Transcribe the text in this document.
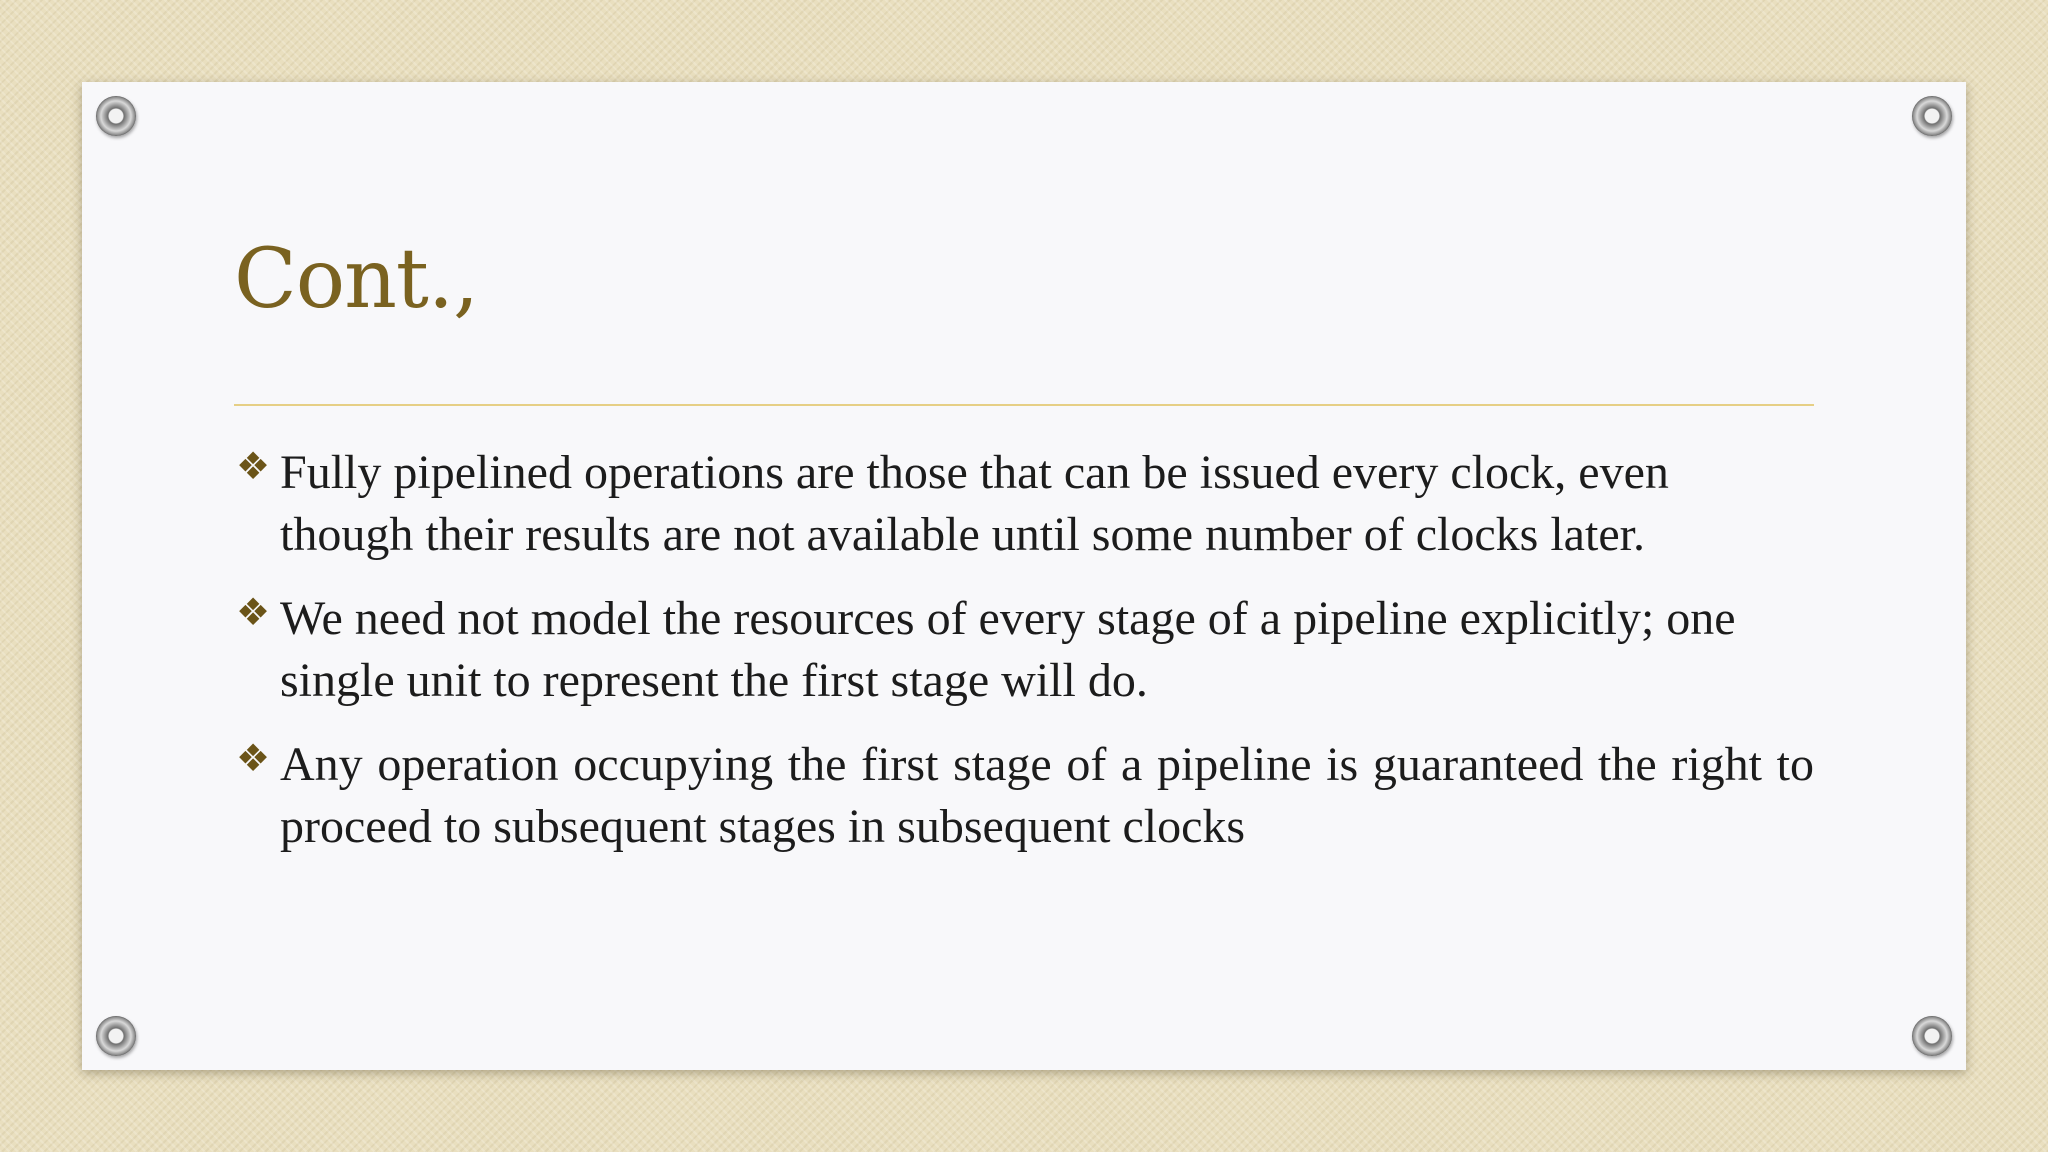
Cont.,
❖ Fully pipelined operations are those that can be issued every clock, even though their results are not available until some number of clocks later.
❖ We need not model the resources of every stage of a pipeline explicitly; one single unit to represent the first stage will do.
❖ Any operation occupying the first stage of a pipeline is guaranteed the right to proceed to subsequent stages in subsequent clocks
